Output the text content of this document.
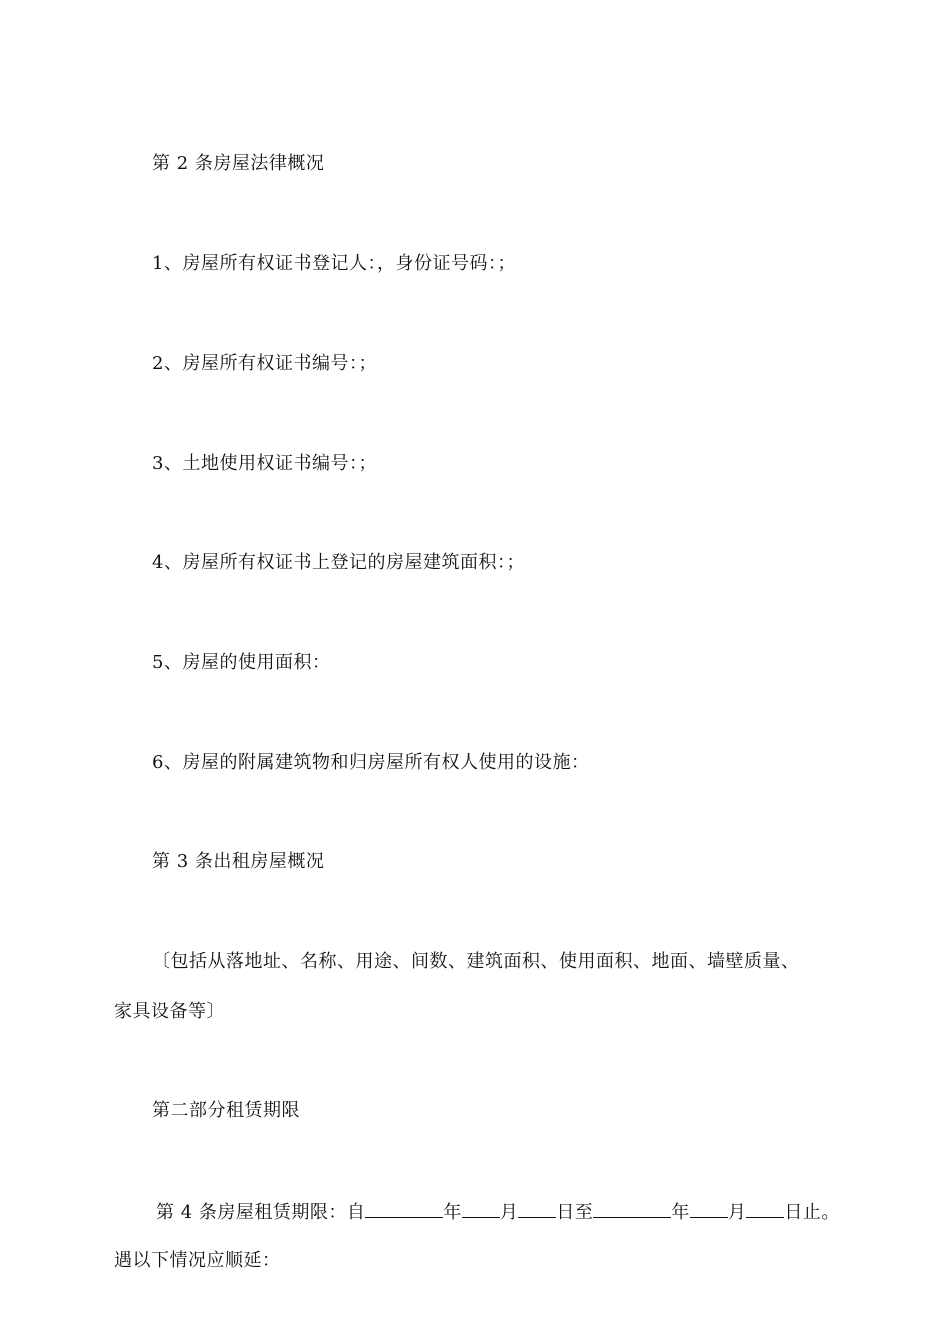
第 2 条房屋法律概况
1、房屋所有权证书登记人：，身份证号码：；
2、房屋所有权证书编号：；
3、土地使用权证书编号：；
4、房屋所有权证书上登记的房屋建筑面积：；
5、房屋的使用面积：
6、房屋的附属建筑物和归房屋所有权人使用的设施：
第 3 条出租房屋概况
〔包括从落地址、名称、用途、间数、建筑面积、使用面积、地面、墙壁质量、
家具设备等〕
第二部分租赁期限
第 4 条房屋租赁期限：自	年 月 日至	年 月 日止。
遇以下情况应顺延：
